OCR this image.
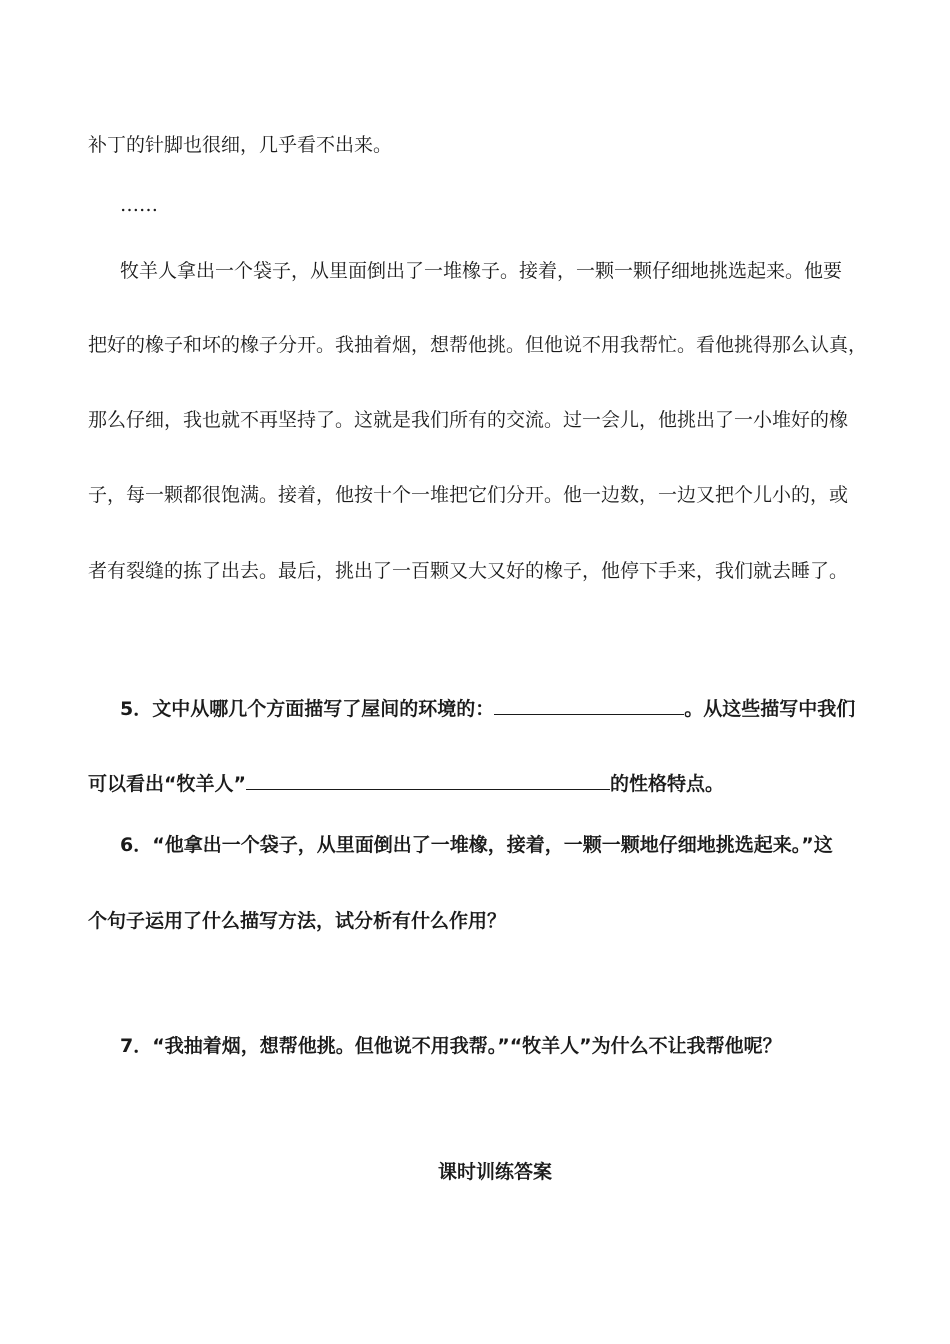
补丁的针脚也很细，几乎看不出来。
……
牧羊人拿出一个袋子，从里面倒出了一堆橡子。接着，一颗一颗仔细地挑选起来。他要
把好的橡子和坏的橡子分开。我抽着烟，想帮他挑。但他说不用我帮忙。看他挑得那么认真，
那么仔细，我也就不再坚持了。这就是我们所有的交流。过一会儿，他挑出了一小堆好的橡
子，每一颗都很饱满。接着，他按十个一堆把它们分开。他一边数，一边又把个儿小的，或
者有裂缝的拣了出去。最后，挑出了一百颗又大又好的橡子，他停下手来，我们就去睡了。
5．文中从哪几个方面描写了屋间的环境的：	。从这些描写中我们
可以看出“牧羊人”	的性格特点。
6．“他拿出一个袋子，从里面倒出了一堆橡，接着，一颗一颗地仔细地挑选起来。”这
个句子运用了什么描写方法，试分析有什么作用？
7．“我抽着烟，想帮他挑。但他说不用我帮。”“牧羊人”为什么不让我帮他呢？
课时训练答案
